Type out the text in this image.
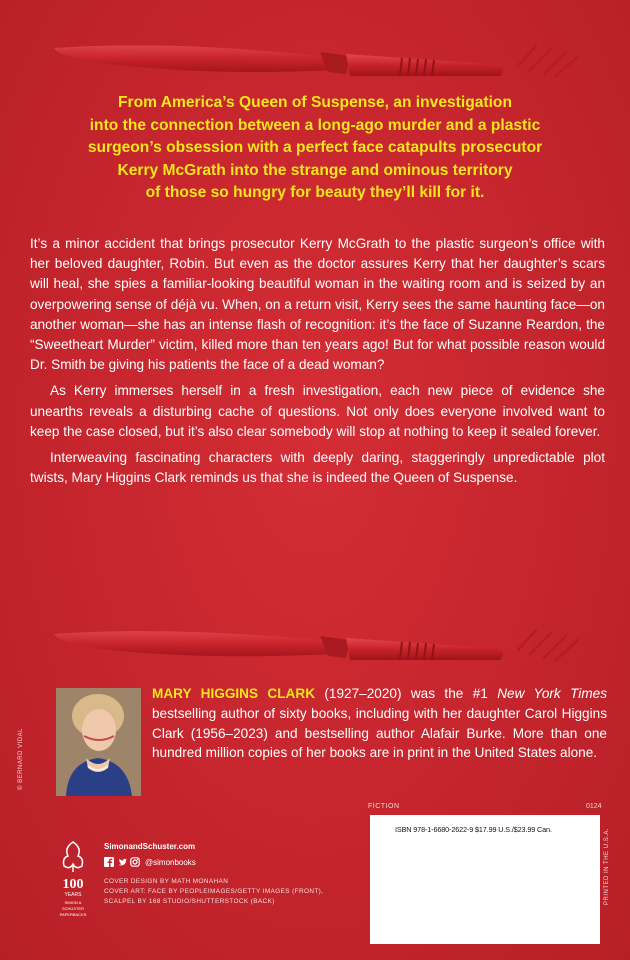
From America’s Queen of Suspense, an investigation
into the connection between a long-ago murder and a plastic
surgeon’s obsession with a perfect face catapults prosecutor
Kerry McGrath into the strange and ominous territory
of those so hungry for beauty they’ll kill for it.

It’s a minor accident that brings prosecutor Kerry McGrath to the plastic surgeon’s office with her beloved daughter, Robin. But even as the doctor assures Kerry that her daughter’s scars will heal, she spies a familiar-looking beautiful woman in the waiting room and is seized by an overpowering sense of déjà vu. When, on a return visit, Kerry sees the same haunting face—on another woman—she has an intense flash of recognition: it’s the face of Suzanne Reardon, the “Sweetheart Murder” victim, killed more than ten years ago! But for what possible reason would Dr. Smith be giving his patients the face of a dead woman?

As Kerry immerses herself in a fresh investigation, each new piece of evidence she unearths reveals a disturbing cache of questions. Not only does everyone involved want to keep the case closed, but it’s also clear somebody will stop at nothing to keep it sealed forever.

Interweaving fascinating characters with deeply daring, staggeringly unpredictable plot twists, Mary Higgins Clark reminds us that she is indeed the Queen of Suspense.

© BERNARD VIDAL
MARY HIGGINS CLARK (1927–2020) was the #1 New York Times bestselling author of sixty books, including with her daughter Carol Higgins Clark (1956–2023) and bestselling author Alafair Burke. More than one hundred million copies of her books are in print in the United States alone.
FICTION	0124
ISBN 978-1-6680-2622-9 $17.99 U.S./$23.99 Can.	PRINTED IN THE U.S.A.
100
YEARS
SIMON &
SCHUSTER
PAPERBACKS
SimonandSchuster.com
@simonbooks
COVER DESIGN BY MATH MONAHAN
COVER ART: FACE BY PEOPLEIMAGES/GETTY IMAGES (FRONT),
SCALPEL BY 168 STUDIO/SHUTTERSTOCK (BACK)
